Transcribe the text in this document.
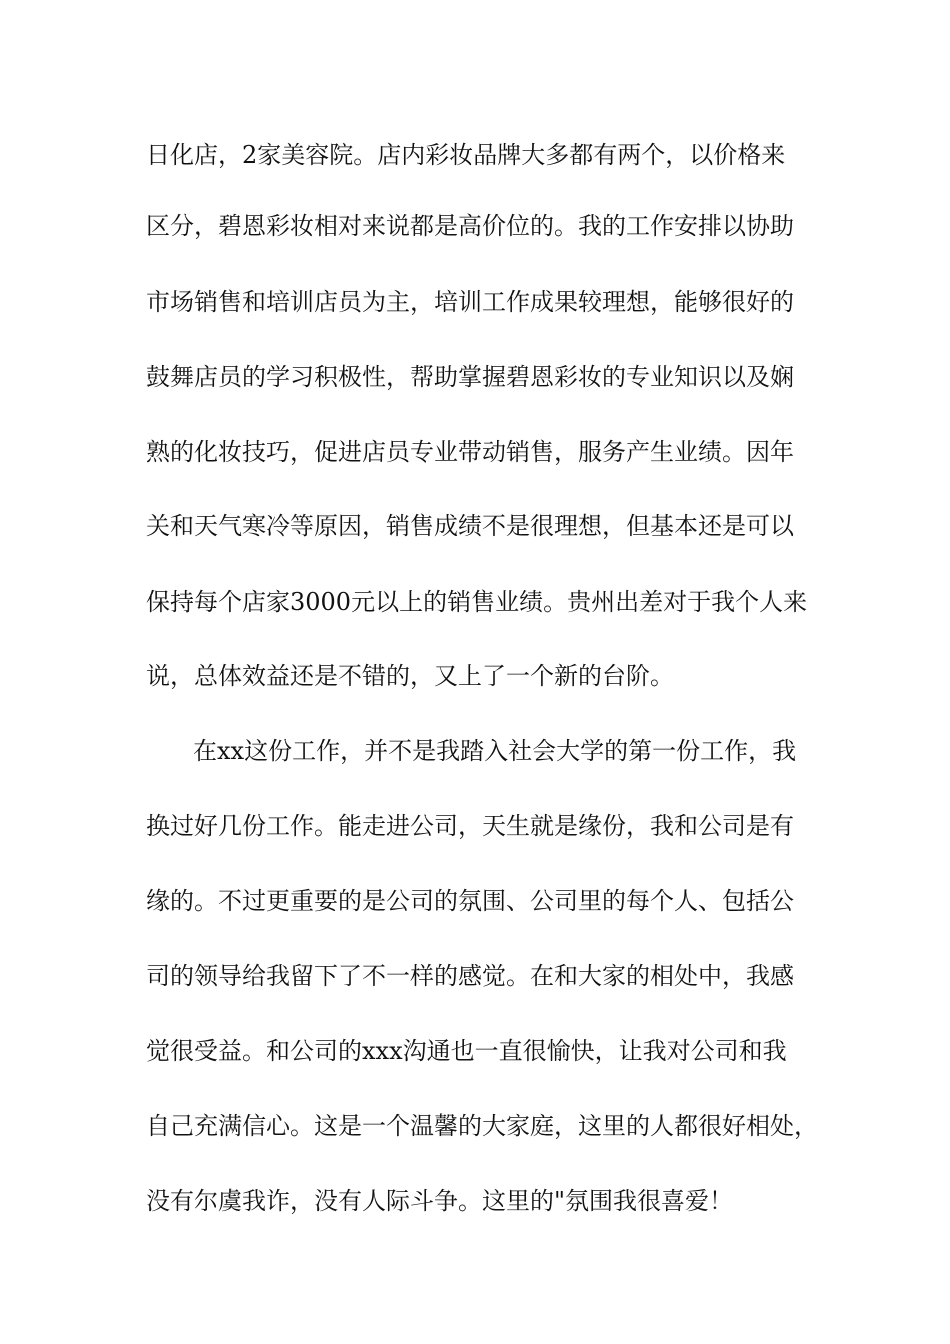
日化店，2家美容院。店内彩妆品牌大多都有两个，以价格来
区分，碧恩彩妆相对来说都是高价位的。我的工作安排以协助
市场销售和培训店员为主，培训工作成果较理想，能够很好的
鼓舞店员的学习积极性，帮助掌握碧恩彩妆的专业知识以及娴
熟的化妆技巧，促进店员专业带动销售，服务产生业绩。因年
关和天气寒冷等原因，销售成绩不是很理想，但基本还是可以
保持每个店家3000元以上的销售业绩。贵州出差对于我个人来
说，总体效益还是不错的，又上了一个新的台阶。
在xx这份工作，并不是我踏入社会大学的第一份工作，我
换过好几份工作。能走进公司，天生就是缘份，我和公司是有
缘的。不过更重要的是公司的氛围、公司里的每个人、包括公
司的领导给我留下了不一样的感觉。在和大家的相处中，我感
觉很受益。和公司的xxx沟通也一直很愉快，让我对公司和我
自己充满信心。这是一个温馨的大家庭，这里的人都很好相处，
没有尔虞我诈，没有人际斗争。这里的"氛围我很喜爱！
